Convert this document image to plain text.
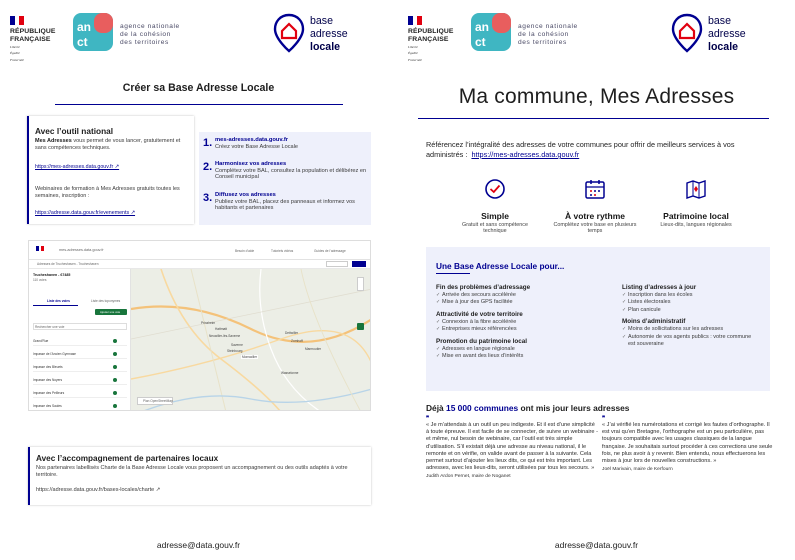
RÉPUBLIQUE
FRANÇAISE
Liberté
Égalité
Fraternité
an
ct
agence nationale
de la cohésion
des territoires
base
adresse
locale
Créer sa Base Adresse Locale
Avec l’outil national

Mes Adresses vous permet de vous lancer, gratuitement et sans compétences techniques.

https://mes-adresses.data.gouv.fr ↗

Webinaires de formation à Mes Adresses gratuits toutes les semaines, inscription :

https://adresse.data.gouv.fr/evenements ↗

1. mes-adresses.data.gouv.fr
Créez votre Base Adresse Locale
2. Harmonisez vos adresses
Complétez votre BAL, consultez la population et délibérez en Conseil municipal
3. Diffusez vos adresses
Publiez votre BAL, placez des panneaux et informez vos habitants et partenaires
mes-adresses.data.gouv.fr	Besoin d’aide	Tutoriels vidéos	Guides de l’adressage
Adresses de Trucheshaven - Trucheshaven
Trucheshaven - 67485
110 voies
Liste des voies	Liste des toponymes
Ajouter une voie
Rechercher une voie
Grand'Rue
Impasse de l'Ancien Gymnase
Impasse des Bleuets
Impasse des Noyers
Impasse des Peilleurs
Impasse des Saules
Prinzheim
Hattmatt
Neuwiller-lès-Saverne
Dettwiller
Zornhoff
Saverne
Steinbourg
Monswiller
Marmoutier
Wasselonne
Plan OpenStreetMap
Avec l’accompagnement de partenaires locaux

Nos partenaires labellisés Charte de la Base Adresse Locale vous proposent un accompagnement ou des outils adaptés à votre territoire.

https://adresse.data.gouv.fr/bases-locales/charte ↗

adresse@data.gouv.fr
RÉPUBLIQUE
FRANÇAISE
Liberté
Égalité
Fraternité
an
ct
agence nationale
de la cohésion
des territoires
base
adresse
locale
Ma commune, Mes Adresses
Référencez l’intégralité des adresses de votre communes pour offrir de meilleurs services à vos administrés : https://mes-adresses.data.gouv.fr
Simple
Gratuit et sans compétence technique
À votre rythme
Complétez votre base en plusieurs temps
Patrimoine local
Lieux-dits, langues régionales
Une Base Adresse Locale pour...
Fin des problèmes d’adressage
✓ Arrivée des secours accélérée
✓ Mise à jour des GPS facilitée
Attractivité de votre territoire
✓ Connexion à la fibre accélérée
✓ Entreprises mieux référencées
Promotion du patrimoine local
✓ Adresses en langue régionale
✓ Mise en avant des lieux d’intérêts
Listing d’adresses à jour
✓ Inscription dans les écoles
✓ Listes électorales
✓ Plan canicule
Moins d’administratif
✓ Moins de sollicitations sur les adresses
✓ Autonomie de vos agents publics : votre commune est souveraine
Déjà 15 000 communes ont mis jour leurs adresses
❞
« Je m’attendais à un outil un peu indigeste. Et il est d’une simplicité à toute épreuve. Il est facile de se connecter, de suivre un webinaire - et même, nul besoin de webinaire, car l’outil est très simple d’utilisation. S’il existait déjà une adresse au niveau national, il le remonte et on vérifie, on valide avant de passer à la suivante. Cela permet surtout d’ajouter les lieux dits, ce qui est très important. Les adresses, avec les lieux-dits, seront utilisées par tous les secours. »
Judith Ardon Pernet, maire de Noganet
❞
« J’ai vérifié les numérotations et corrigé les fautes d’orthographe. Il est vrai qu’en Bretagne, l’orthographe est un peu particulière, pas toujours compatible avec les usages classiques de la langue française. Je souhaitais surtout procéder à ces corrections une seule fois, ne plus avoir à y revenir. Bien entendu, nous effectuerons les mises à jour lors de nouvelles constructions. »
Joël Marivain, maire de Kerfourn
adresse@data.gouv.fr
